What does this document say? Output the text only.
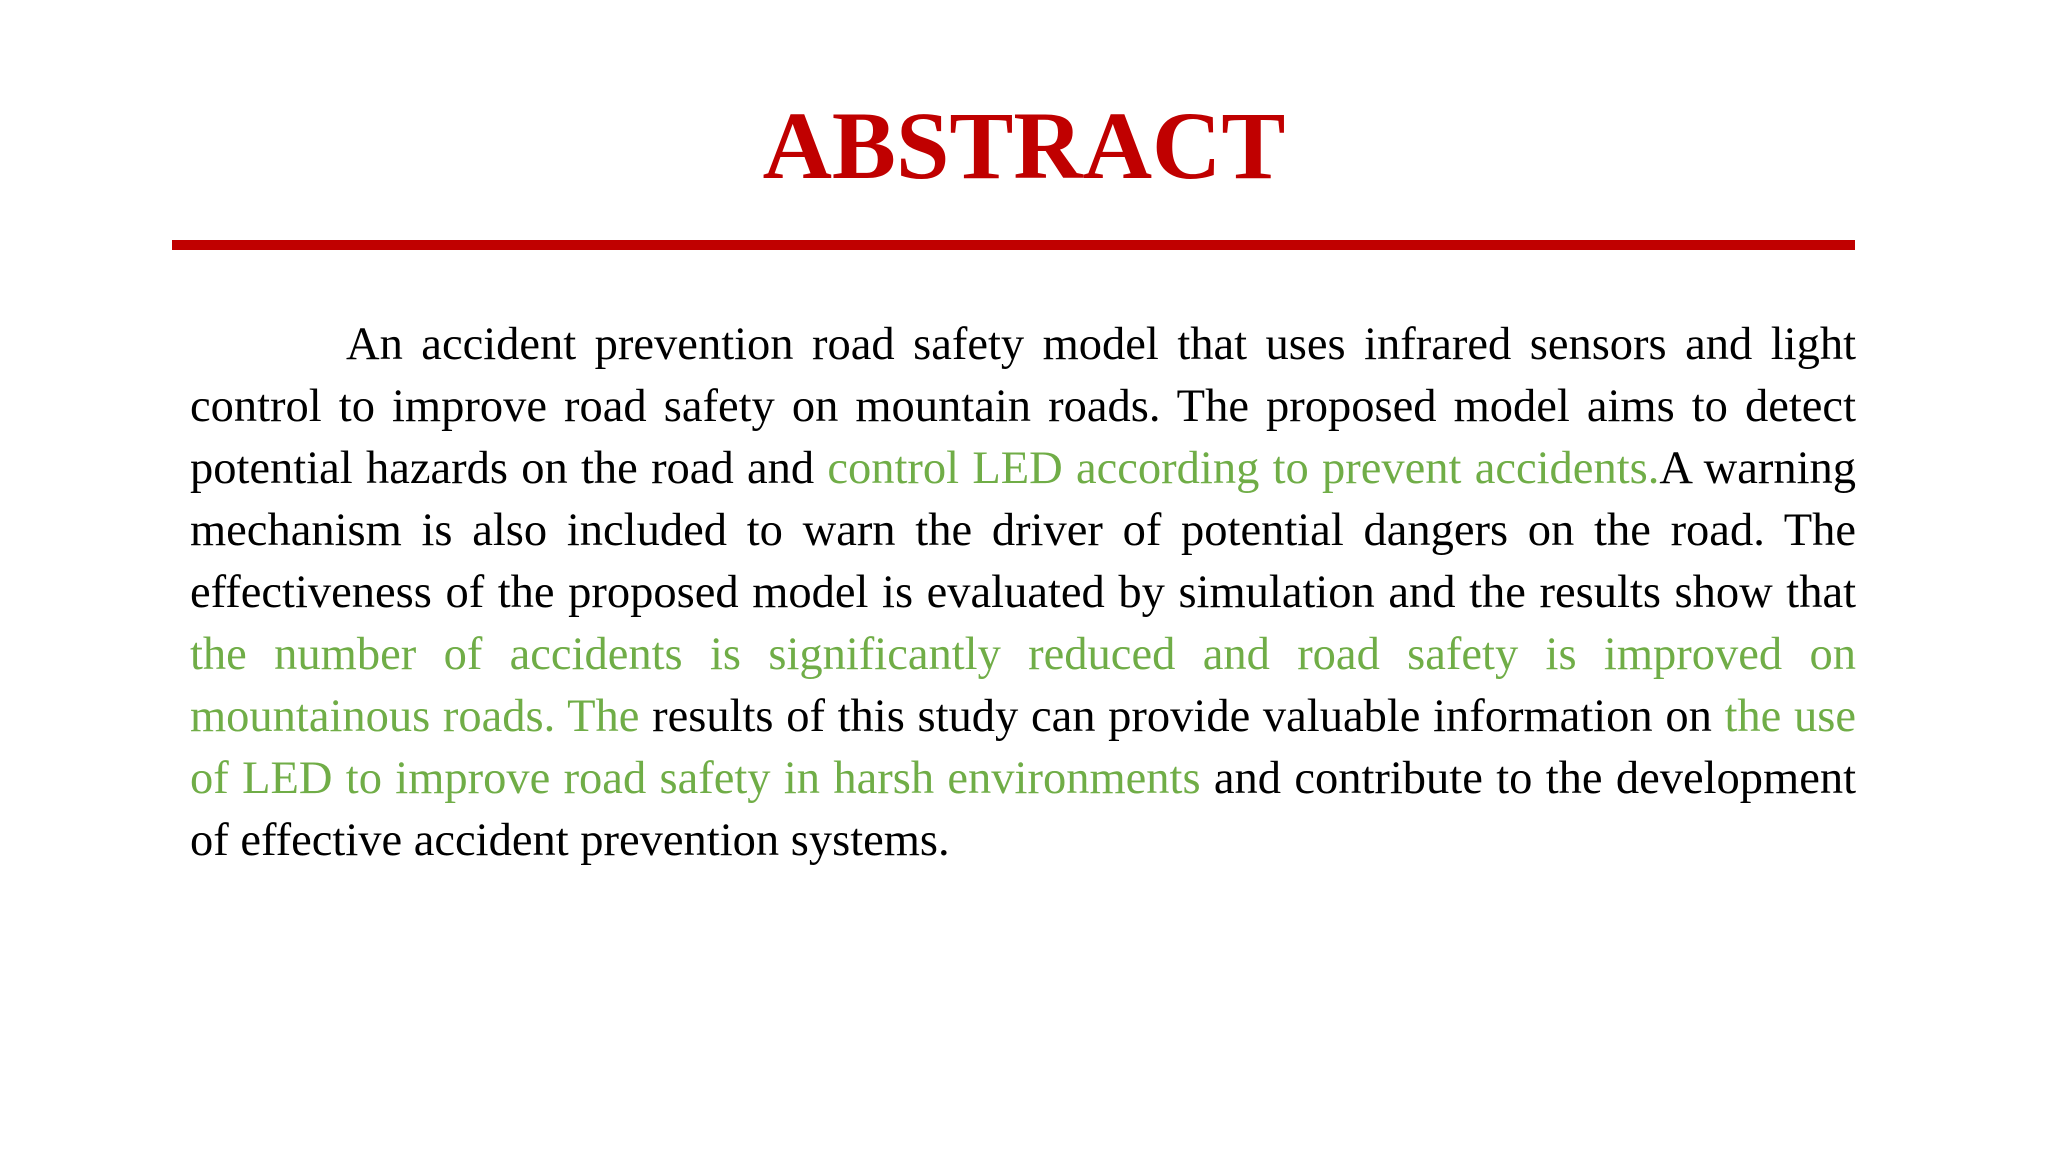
ABSTRACT

An accident prevention road safety model that uses infrared sensors and light control to improve road safety on mountain roads. The proposed model aims to detect potential hazards on the road and control LED according to prevent accidents.A warning mechanism is also included to warn the driver of potential dangers on the road. The effectiveness of the proposed model is evaluated by simulation and the results show that the number of accidents is significantly reduced and road safety is improved on mountainous roads. The results of this study can provide valuable information on the use of LED to improve road safety in harsh environments and contribute to the development of effective accident prevention systems.
